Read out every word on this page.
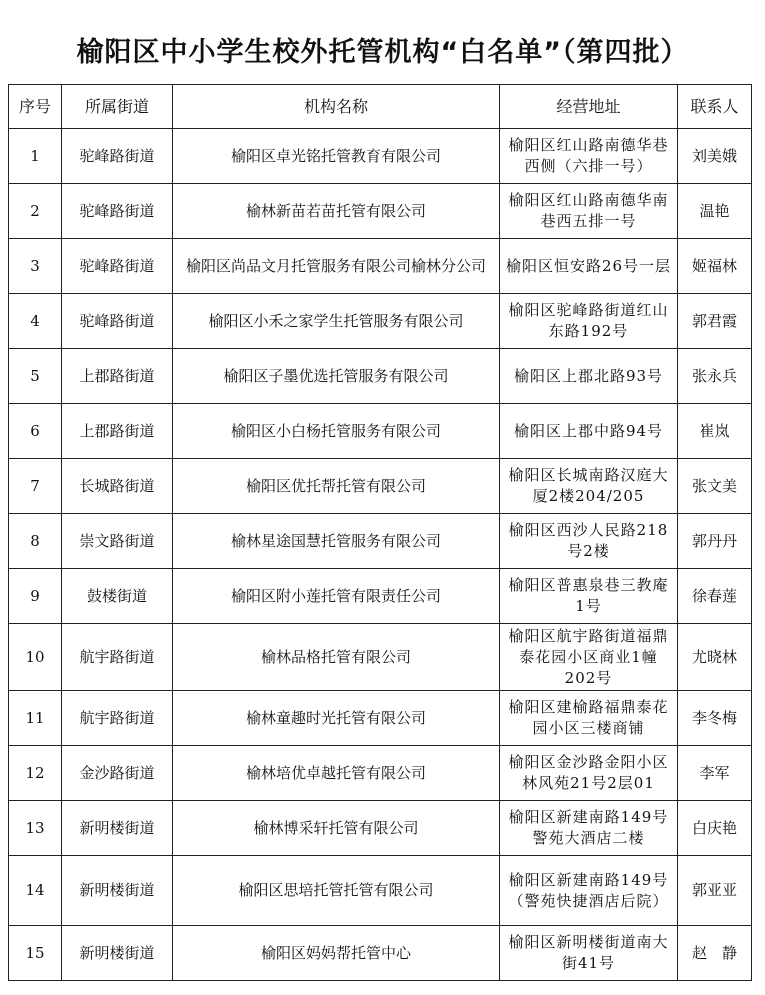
榆阳区中小学生校外托管机构“白名单”（第四批）
序号	所属街道	机构名称	经营地址	联系人
1	驼峰路街道	榆阳区卓光铭托管教育有限公司	榆阳区红山路南德华巷西侧（六排一号）	刘美娥
2	驼峰路街道	榆林新苗若苗托管有限公司	榆阳区红山路南德华南巷西五排一号	温艳
3	驼峰路街道	榆阳区尚品文月托管服务有限公司榆林分公司	榆阳区恒安路26号一层	姬福林
4	驼峰路街道	榆阳区小禾之家学生托管服务有限公司	榆阳区驼峰路街道红山东路192号	郭君霞
5	上郡路街道	榆阳区子墨优选托管服务有限公司	榆阳区上郡北路93号	张永兵
6	上郡路街道	榆阳区小白杨托管服务有限公司	榆阳区上郡中路94号	崔岚
7	长城路街道	榆阳区优托帮托管有限公司	榆阳区长城南路汉庭大厦2楼204/205	张文美
8	崇文路街道	榆林星途国慧托管服务有限公司	榆阳区西沙人民路218号2楼	郭丹丹
9	鼓楼街道	榆阳区附小莲托管有限责任公司	榆阳区普惠泉巷三教庵1号	徐春莲
10	航宇路街道	榆林品格托管有限公司	榆阳区航宇路街道福鼎泰花园小区商业1幢202号	尤晓林
11	航宇路街道	榆林童趣时光托管有限公司	榆阳区建榆路福鼎泰花园小区三楼商铺	李冬梅
12	金沙路街道	榆林培优卓越托管有限公司	榆阳区金沙路金阳小区林风苑21号2层01	李军
13	新明楼街道	榆林博采轩托管有限公司	榆阳区新建南路149号警苑大酒店二楼	白庆艳
14	新明楼街道	榆阳区思培托管托管有限公司	榆阳区新建南路149号（警苑快捷酒店后院）	郭亚亚
15	新明楼街道	榆阳区妈妈帮托管中心	榆阳区新明楼街道南大街41号	赵　静
